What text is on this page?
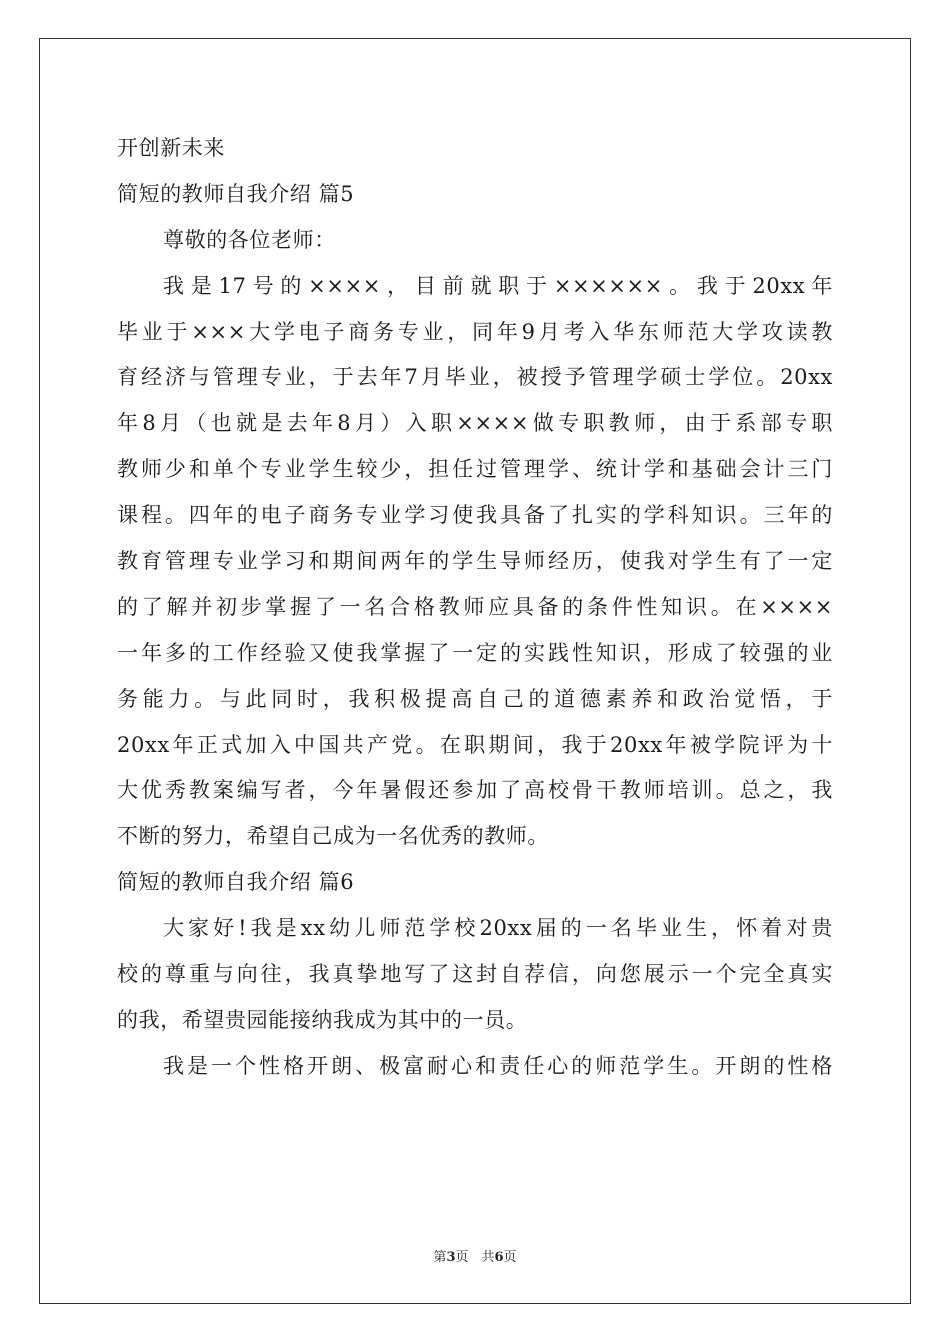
开创新未来
简短的教师自我介绍 篇5
尊敬的各位老师：
我是17号的××××，目前就职于××××××。我于20xx年
毕业于×××大学电子商务专业，同年9月考入华东师范大学攻读教
育经济与管理专业，于去年7月毕业，被授予管理学硕士学位。20xx
年8月（也就是去年8月）入职××××做专职教师，由于系部专职
教师少和单个专业学生较少，担任过管理学、统计学和基础会计三门
课程。四年的电子商务专业学习使我具备了扎实的学科知识。三年的
教育管理专业学习和期间两年的学生导师经历，使我对学生有了一定
的了解并初步掌握了一名合格教师应具备的条件性知识。在××××
一年多的工作经验又使我掌握了一定的实践性知识，形成了较强的业
务能力。与此同时，我积极提高自己的道德素养和政治觉悟，于
20xx年正式加入中国共产党。在职期间，我于20xx年被学院评为十
大优秀教案编写者，今年暑假还参加了高校骨干教师培训。总之，我
不断的努力，希望自己成为一名优秀的教师。
简短的教师自我介绍 篇6
大家好!我是xx幼儿师范学校20xx届的一名毕业生，怀着对贵
校的尊重与向往，我真挚地写了这封自荐信，向您展示一个完全真实
的我，希望贵园能接纳我成为其中的一员。
我是一个性格开朗、极富耐心和责任心的师范学生。开朗的性格
第3页　共6页
